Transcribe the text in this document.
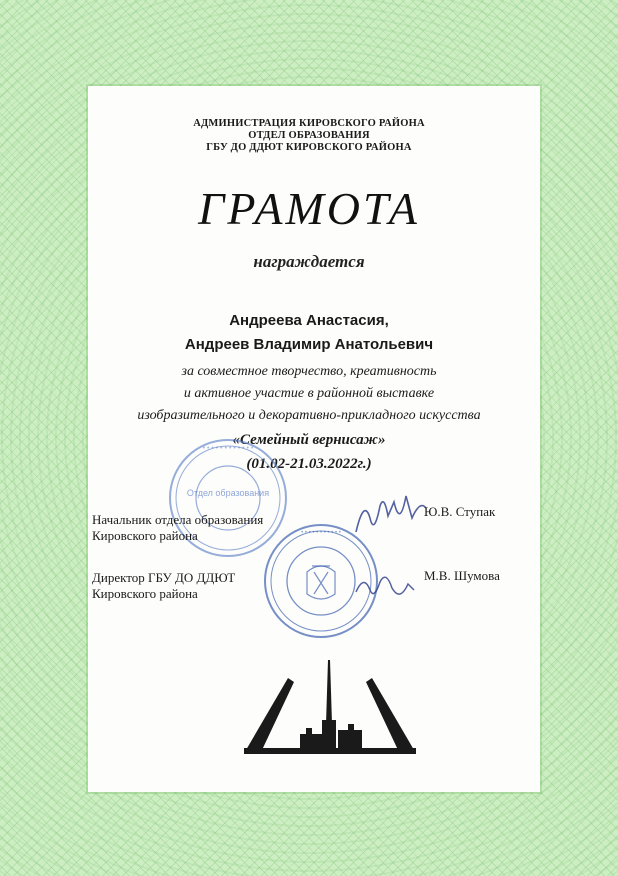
АДМИНИСТРАЦИЯ КИРОВСКОГО РАЙОНА
ОТДЕЛ ОБРАЗОВАНИЯ
ГБУ ДО ДДЮТ КИРОВСКОГО РАЙОНА
ГРАМОТА
награждается
Андреева Анастасия,
Андреев Владимир Анатольевич
за совместное творчество, креативность
и активное участие в районной выставке
изобразительного и декоративно-прикладного искусства
«Семейный вернисаж»
(01.02-21.03.2022г.)
• • • • • • • • • • • •
Отдел образования
• • • • • • • • • • •
Начальник отдела образования
Кировского района
Ю.В. Ступак
Директор ГБУ ДО ДДЮТ
Кировского района
М.В. Шумова
